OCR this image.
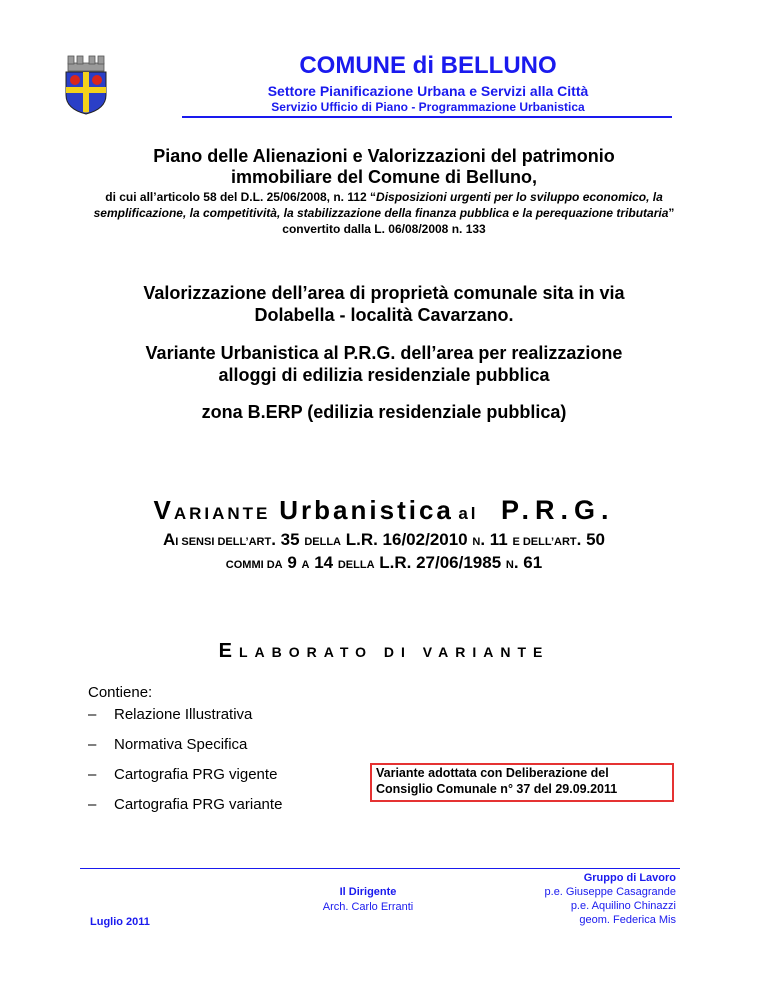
COMUNE di BELLUNO
Settore Pianificazione Urbana e Servizi alla Città
Servizio Ufficio di Piano - Programmazione Urbanistica
Piano delle Alienazioni e Valorizzazioni del patrimonio
immobiliare del Comune di Belluno,
di cui all’articolo 58 del D.L. 25/06/2008, n. 112 “Disposizioni urgenti per lo sviluppo economico, la semplificazione, la competitività, la stabilizzazione della finanza pubblica e la perequazione tributaria” convertito dalla L. 06/08/2008 n. 133
Valorizzazione dell’area di proprietà comunale sita in via
Dolabella - località Cavarzano.
Variante Urbanistica al P.R.G. dell’area per realizzazione
alloggi di edilizia residenziale pubblica
zona B.ERP (edilizia residenziale pubblica)
VARIANTE Urbanistica al P.R.G.
AI SENSI DELL’ART. 35 DELLA L.R. 16/02/2010 N. 11 E DELL’ART. 50
COMMI DA 9 A 14 DELLA L.R. 27/06/1985 N. 61
ELABORATO DI VARIANTE
Contiene:
– Relazione Illustrativa
– Normativa Specifica
– Cartografia PRG vigente
– Cartografia PRG variante
Variante adottata con Deliberazione del
Consiglio Comunale n° 37 del 29.09.2011
Il Dirigente
Arch. Carlo Erranti
Luglio 2011
Gruppo di Lavoro
p.e. Giuseppe Casagrande
p.e. Aquilino Chinazzi
geom. Federica Mis
